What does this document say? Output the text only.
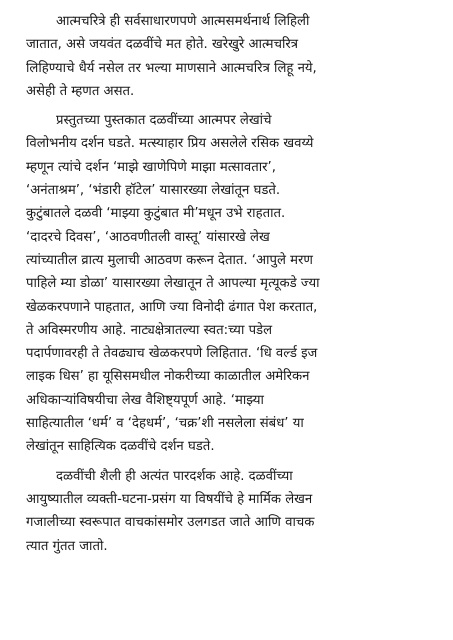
आत्मचरित्रे ही सर्वसाधारणपणे आत्मसमर्थनार्थ लिहिली
जातात, असे जयवंत दळवींचे मत होते. खरेखुरे आत्मचरित्र
लिहिण्याचे धैर्य नसेल तर भल्या माणसाने आत्मचरित्र लिहू नये,
असेही ते म्हणत असत.
प्रस्तुतच्या पुस्तकात दळवींच्या आत्मपर लेखांचे
विलोभनीय दर्शन घडते. मत्स्याहार प्रिय असलेले रसिक खवय्ये
म्हणून त्यांचे दर्शन ‘माझे खाणेपिणे माझा मत्सावतार’,
‘अनंताश्रम’, ‘भंडारी हॉटेल’ यासारख्या लेखांतून घडते.
कुटुंबातले दळवी ‘माझ्या कुटुंबात मी’मधून उभे राहतात.
‘दादरचे दिवस’, ‘आठवणीतली वास्तू’ यांसारखे लेख
त्यांच्यातील व्रात्य मुलाची आठवण करून देतात. ‘आपुले मरण
पाहिले म्या डोळा’ यासारख्या लेखातून ते आपल्या मृत्यूकडे ज्या
खेळकरपणाने पाहतात, आणि ज्या विनोदी ढंगात पेश करतात,
ते अविस्मरणीय आहे. नाट्यक्षेत्रातल्या स्वत:च्या पडेल
पदार्पणावरही ते तेवढ्याच खेळकरपणे लिहितात. ‘धि वर्ल्ड इज
लाइक धिस’ हा यूसिसमधील नोकरीच्या काळातील अमेरिकन
अधिकाऱ्यांविषयीचा लेख वैशिष्ट्यपूर्ण आहे. ‘माझ्या
साहित्यातील ‘धर्म’ व ‘देहधर्म’, ‘चक्र’शी नसलेला संबंध’ या
लेखांतून साहित्यिक दळवींचे दर्शन घडते.
दळवींची शैली ही अत्यंत पारदर्शक आहे. दळवींच्या
आयुष्यातील व्यक्ती-घटना-प्रसंग या विषयींचे हे मार्मिक लेखन
गजालीच्या स्वरूपात वाचकांसमोर उलगडत जाते आणि वाचक
त्यात गुंतत जातो.
